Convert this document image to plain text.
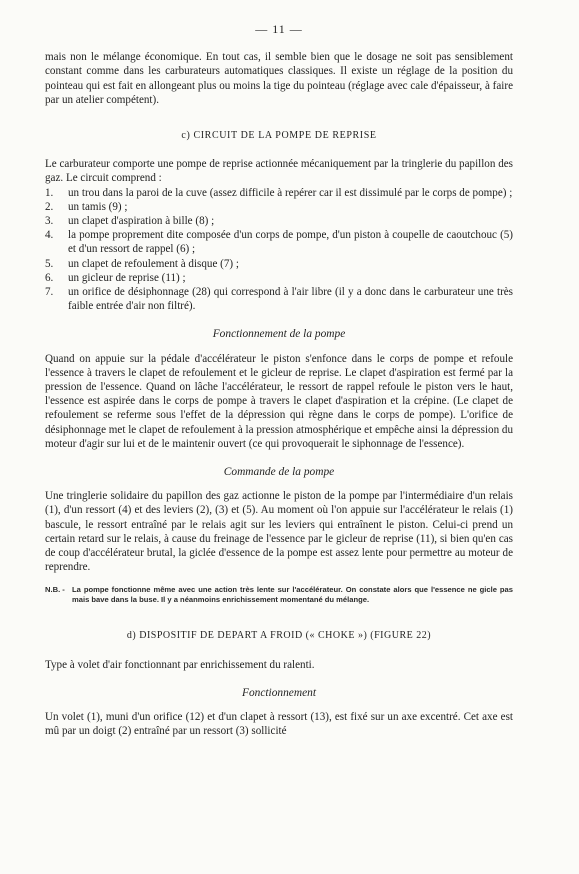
— 11 —

mais non le mélange économique. En tout cas, il semble bien que le dosage ne soit pas sensiblement constant comme dans les carburateurs automatiques classiques. Il existe un réglage de la position du pointeau qui est fait en allongeant plus ou moins la tige du pointeau (réglage avec cale d'épaisseur, à faire par un atelier compétent).

c) CIRCUIT DE LA POMPE DE REPRISE

Le carburateur comporte une pompe de reprise actionnée mécaniquement par la tringlerie du papillon des gaz. Le circuit comprend :

1. un trou dans la paroi de la cuve (assez difficile à repérer car il est dissimulé par le corps de pompe) ;
2. un tamis (9) ;
3. un clapet d'aspiration à bille (8) ;
4. la pompe proprement dite composée d'un corps de pompe, d'un piston à coupelle de caoutchouc (5) et d'un ressort de rappel (6) ;
5. un clapet de refoulement à disque (7) ;
6. un gicleur de reprise (11) ;
7. un orifice de désiphonnage (28) qui correspond à l'air libre (il y a donc dans le carburateur une très faible entrée d'air non filtré).
Fonctionnement de la pompe

Quand on appuie sur la pédale d'accélérateur le piston s'enfonce dans le corps de pompe et refoule l'essence à travers le clapet de refoulement et le gicleur de reprise. Le clapet d'aspiration est fermé par la pression de l'essence. Quand on lâche l'accélérateur, le ressort de rappel refoule le piston vers le haut, l'essence est aspirée dans le corps de pompe à travers le clapet d'aspiration et la crépine. (Le clapet de refoulement se referme sous l'effet de la dépression qui règne dans le corps de pompe). L'orifice de désiphonnage met le clapet de refoulement à la pression atmosphérique et empêche ainsi la dépression du moteur d'agir sur lui et de le maintenir ouvert (ce qui provoquerait le siphonnage de l'essence).

Commande de la pompe

Une tringlerie solidaire du papillon des gaz actionne le piston de la pompe par l'intermédiaire d'un relais (1), d'un ressort (4) et des leviers (2), (3) et (5). Au moment où l'on appuie sur l'accélérateur le relais (1) bascule, le ressort entraîné par le relais agit sur les leviers qui entraînent le piston. Celui-ci prend un certain retard sur le relais, à cause du freinage de l'essence par le gicleur de reprise (11), si bien qu'en cas de coup d'accélérateur brutal, la giclée d'essence de la pompe est assez lente pour permettre au moteur de reprendre.

N.B. - La pompe fonctionne même avec une action très lente sur l'accélérateur. On constate alors que l'essence ne gicle pas mais bave dans la buse. Il y a néanmoins enrichissement momentané du mélange.
d) DISPOSITIF DE DEPART A FROID (« CHOKE ») (FIGURE 22)

Type à volet d'air fonctionnant par enrichissement du ralenti.

Fonctionnement

Un volet (1), muni d'un orifice (12) et d'un clapet à ressort (13), est fixé sur un axe excentré. Cet axe est mû par un doigt (2) entraîné par un ressort (3) sollicité
